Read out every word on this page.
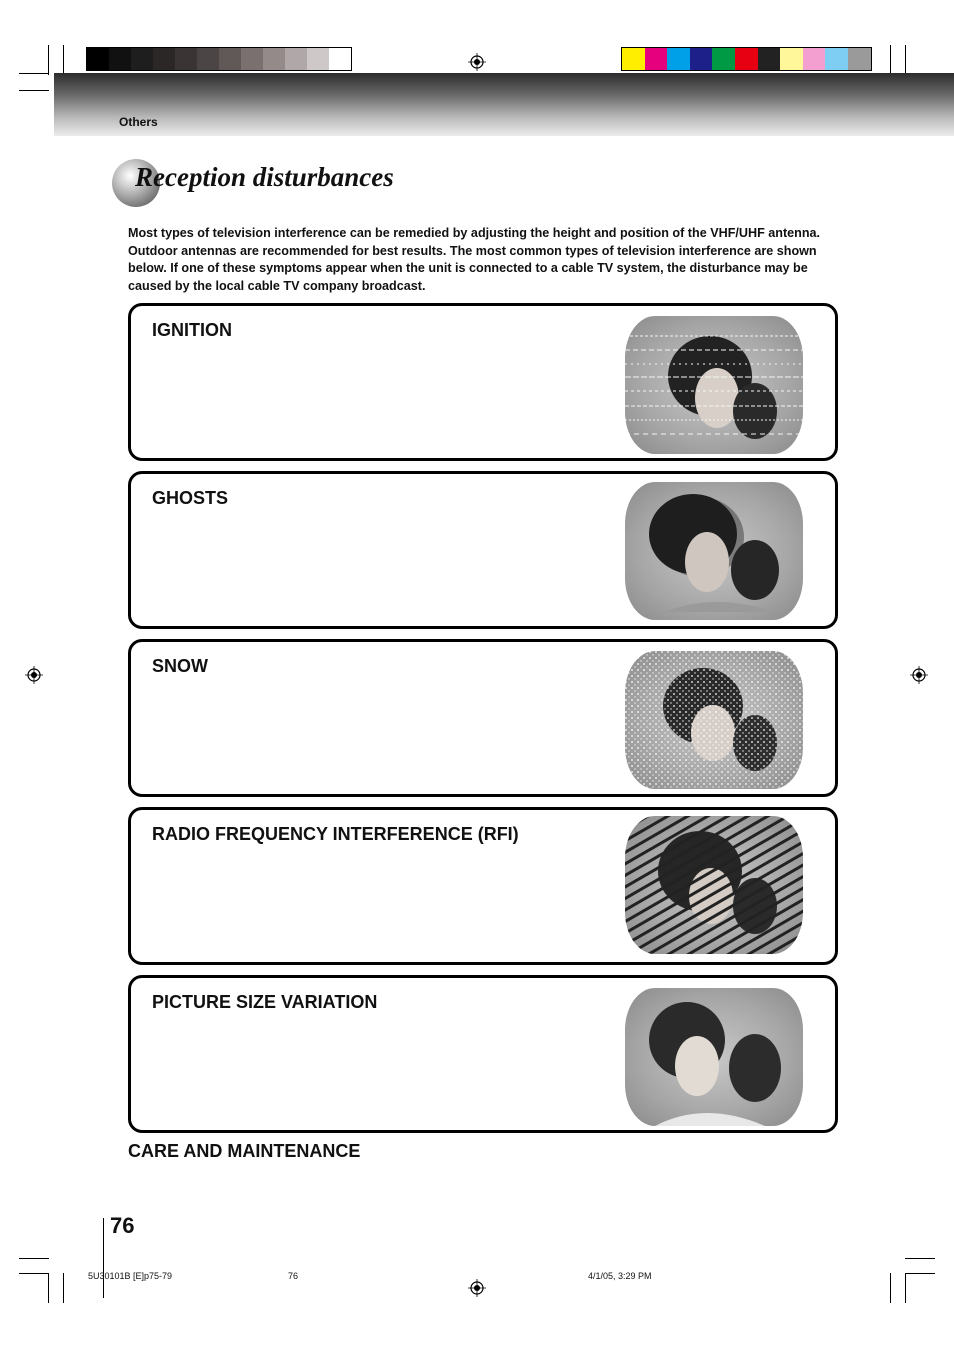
Others
Reception disturbances
Most types of television interference can be remedied by adjusting the height and position of the VHF/UHF antenna. Outdoor antennas are recommended for best results. The most common types of television interference are shown below. If one of these symptoms appear when the unit is connected to a cable TV system, the disturbance may be caused by the local cable TV company broadcast.
IGNITION
GHOSTS
SNOW
RADIO FREQUENCY INTERFERENCE (RFI)
PICTURE SIZE VARIATION
CARE AND MAINTENANCE
76
5U30101B [E]p75-79	76	4/1/05, 3:29 PM
